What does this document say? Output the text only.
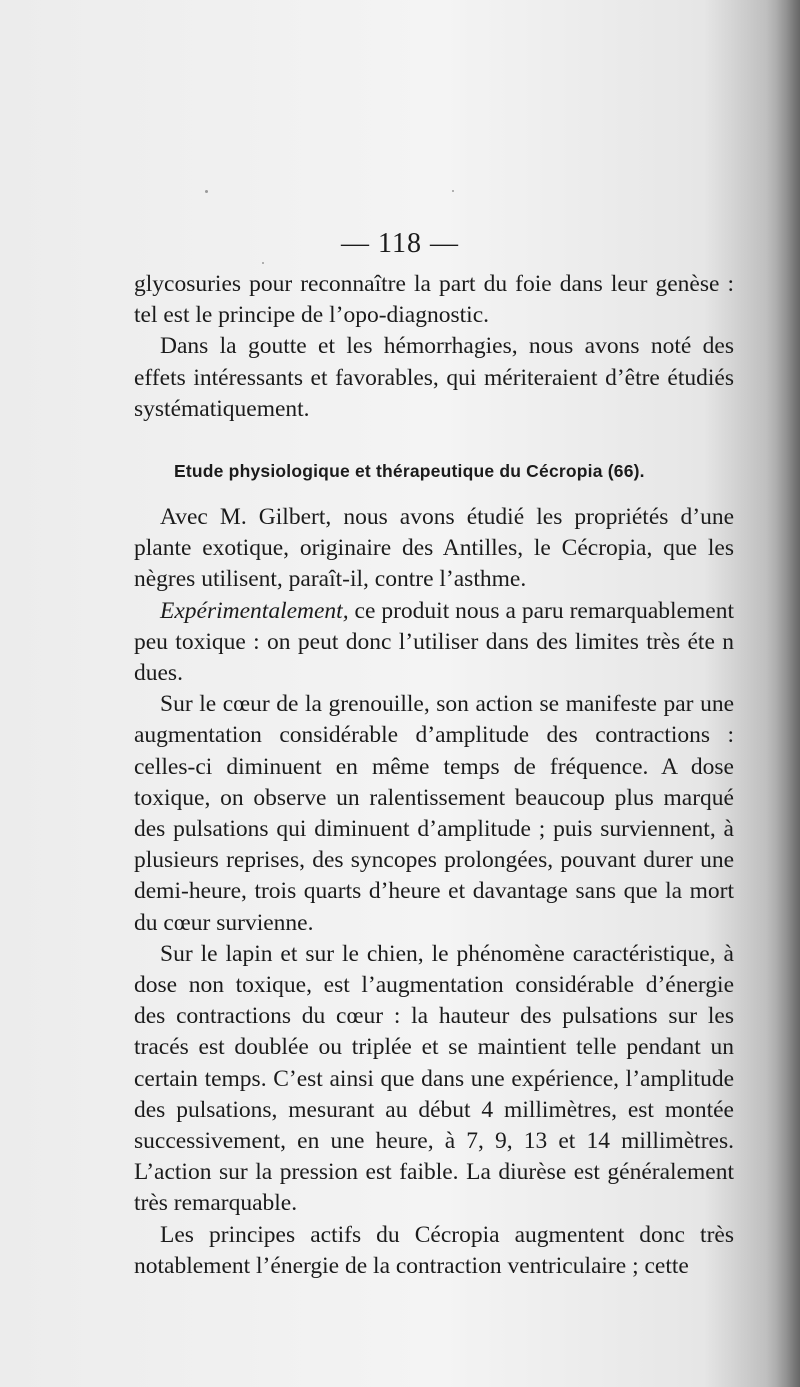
— 118 —

glycosuries pour reconnaître la part du foie dans leur genèse : tel est le principe de l’opo-diagnostic.

Dans la goutte et les hémorrhagies, nous avons noté des effets intéressants et favorables, qui mériteraient d’être étudiés systématiquement.

Etude physiologique et thérapeutique du Cécropia (66).

Avec M. Gilbert, nous avons étudié les propriétés d’une plante exotique, originaire des Antilles, le Cécropia, que les nègres utilisent, paraît-il, contre l’asthme.

Expérimentalement, ce produit nous a paru remarquablement peu toxique : on peut donc l’utiliser dans des limites très éte n dues.

Sur le cœur de la grenouille, son action se manifeste par une augmentation considérable d’amplitude des contractions : celles-ci diminuent en même temps de fréquence. A dose toxique, on observe un ralentissement beaucoup plus marqué des pulsations qui diminuent d’amplitude ; puis surviennent, à plusieurs reprises, des syncopes prolongées, pouvant durer une demi-heure, trois quarts d’heure et davantage sans que la mort du cœur survienne.

Sur le lapin et sur le chien, le phénomène caractéristique, à dose non toxique, est l’augmentation considérable d’énergie des contractions du cœur : la hauteur des pulsations sur les tracés est doublée ou triplée et se maintient telle pendant un certain temps. C’est ainsi que dans une expérience, l’amplitude des pulsations, mesurant au début 4 millimètres, est montée successivement, en une heure, à 7, 9, 13 et 14 millimètres. L’action sur la pression est faible. La diurèse est généralement très remarquable.

Les principes actifs du Cécropia augmentent donc très notablement l’énergie de la contraction ventriculaire ; cette
